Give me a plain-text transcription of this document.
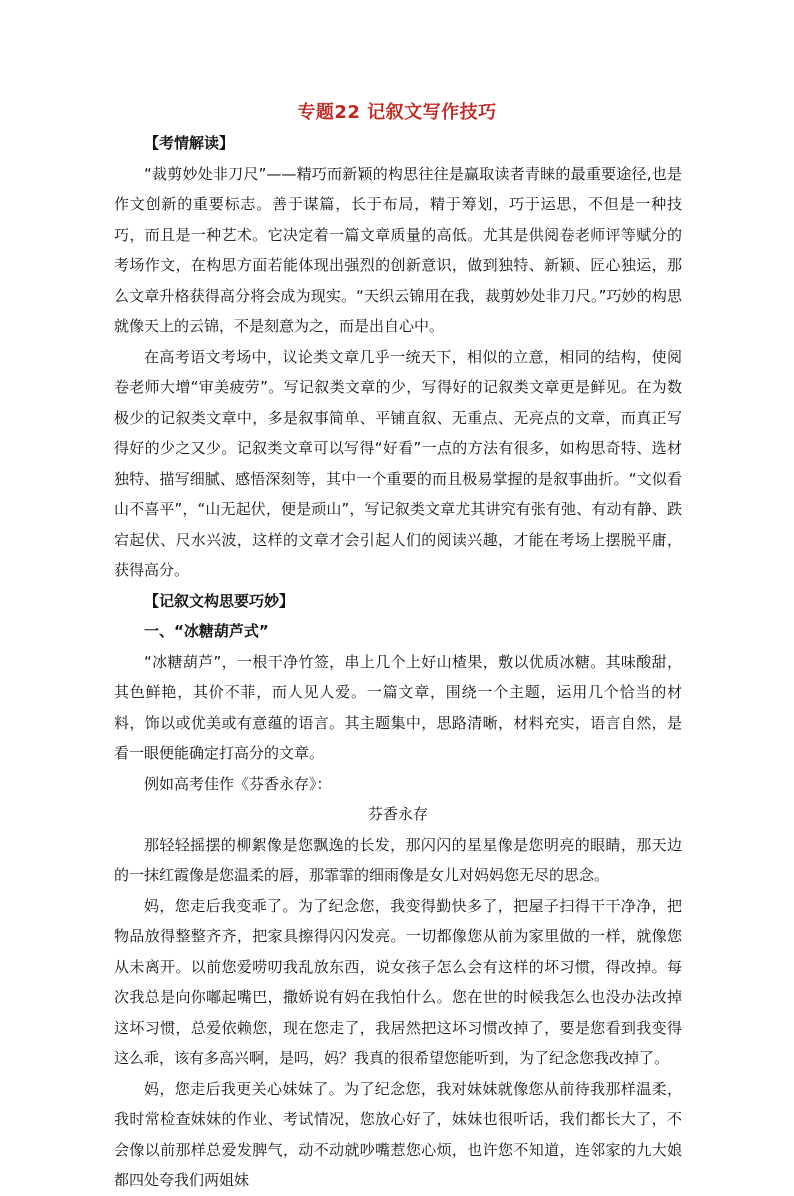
专题22 记叙文写作技巧

【考情解读】

“裁剪妙处非刀尺”——精巧而新颖的构思往往是赢取读者青睐的最重要途径,也是作文创新的重要标志。善于谋篇，长于布局，精于筹划，巧于运思，不但是一种技巧，而且是一种艺术。它决定着一篇文章质量的高低。尤其是供阅卷老师评等赋分的考场作文，在构思方面若能体现出强烈的创新意识，做到独特、新颖、匠心独运，那么文章升格获得高分将会成为现实。“天织云锦用在我，裁剪妙处非刀尺。”巧妙的构思就像天上的云锦，不是刻意为之，而是出自心中。

在高考语文考场中，议论类文章几乎一统天下，相似的立意，相同的结构，使阅卷老师大增“审美疲劳”。写记叙类文章的少，写得好的记叙类文章更是鲜见。在为数极少的记叙类文章中，多是叙事简单、平铺直叙、无重点、无亮点的文章，而真正写得好的少之又少。记叙类文章可以写得“好看”一点的方法有很多，如构思奇特、选材独特、描写细腻、感悟深刻等，其中一个重要的而且极易掌握的是叙事曲折。“文似看山不喜平”，“山无起伏，便是顽山”，写记叙类文章尤其讲究有张有弛、有动有静、跌宕起伏、尺水兴波，这样的文章才会引起人们的阅读兴趣，才能在考场上摆脱平庸，获得高分。

【记叙文构思要巧妙】

一、“冰糖葫芦式”

“冰糖葫芦”，一根干净竹签，串上几个上好山楂果，敷以优质冰糖。其味酸甜，其色鲜艳，其价不菲，而人见人爱。一篇文章，围绕一个主题，运用几个恰当的材料，饰以或优美或有意蕴的语言。其主题集中，思路清晰，材料充实，语言自然，是看一眼便能确定打高分的文章。

例如高考佳作《芬香永存》：

芬香永存

那轻轻摇摆的柳絮像是您飘逸的长发，那闪闪的星星像是您明亮的眼睛，那天边的一抹红霞像是您温柔的唇，那霏霏的细雨像是女儿对妈妈您无尽的思念。

妈，您走后我变乖了。为了纪念您，我变得勤快多了，把屋子扫得干干净净，把物品放得整整齐齐，把家具擦得闪闪发亮。一切都像您从前为家里做的一样，就像您从未离开。以前您爱唠叨我乱放东西，说女孩子怎么会有这样的坏习惯，得改掉。每次我总是向你嘟起嘴巴，撒娇说有妈在我怕什么。您在世的时候我怎么也没办法改掉这坏习惯，总爱依赖您，现在您走了，我居然把这坏习惯改掉了，要是您看到我变得这么乖，该有多高兴啊，是吗，妈？我真的很希望您能听到，为了纪念您我改掉了。

妈，您走后我更关心妹妹了。为了纪念您，我对妹妹就像您从前待我那样温柔，我时常检查妹妹的作业、考试情况，您放心好了，妹妹也很听话，我们都长大了，不会像以前那样总爱发脾气，动不动就吵嘴惹您心烦，也许您不知道，连邻家的九大娘都四处夸我们两姐妹
